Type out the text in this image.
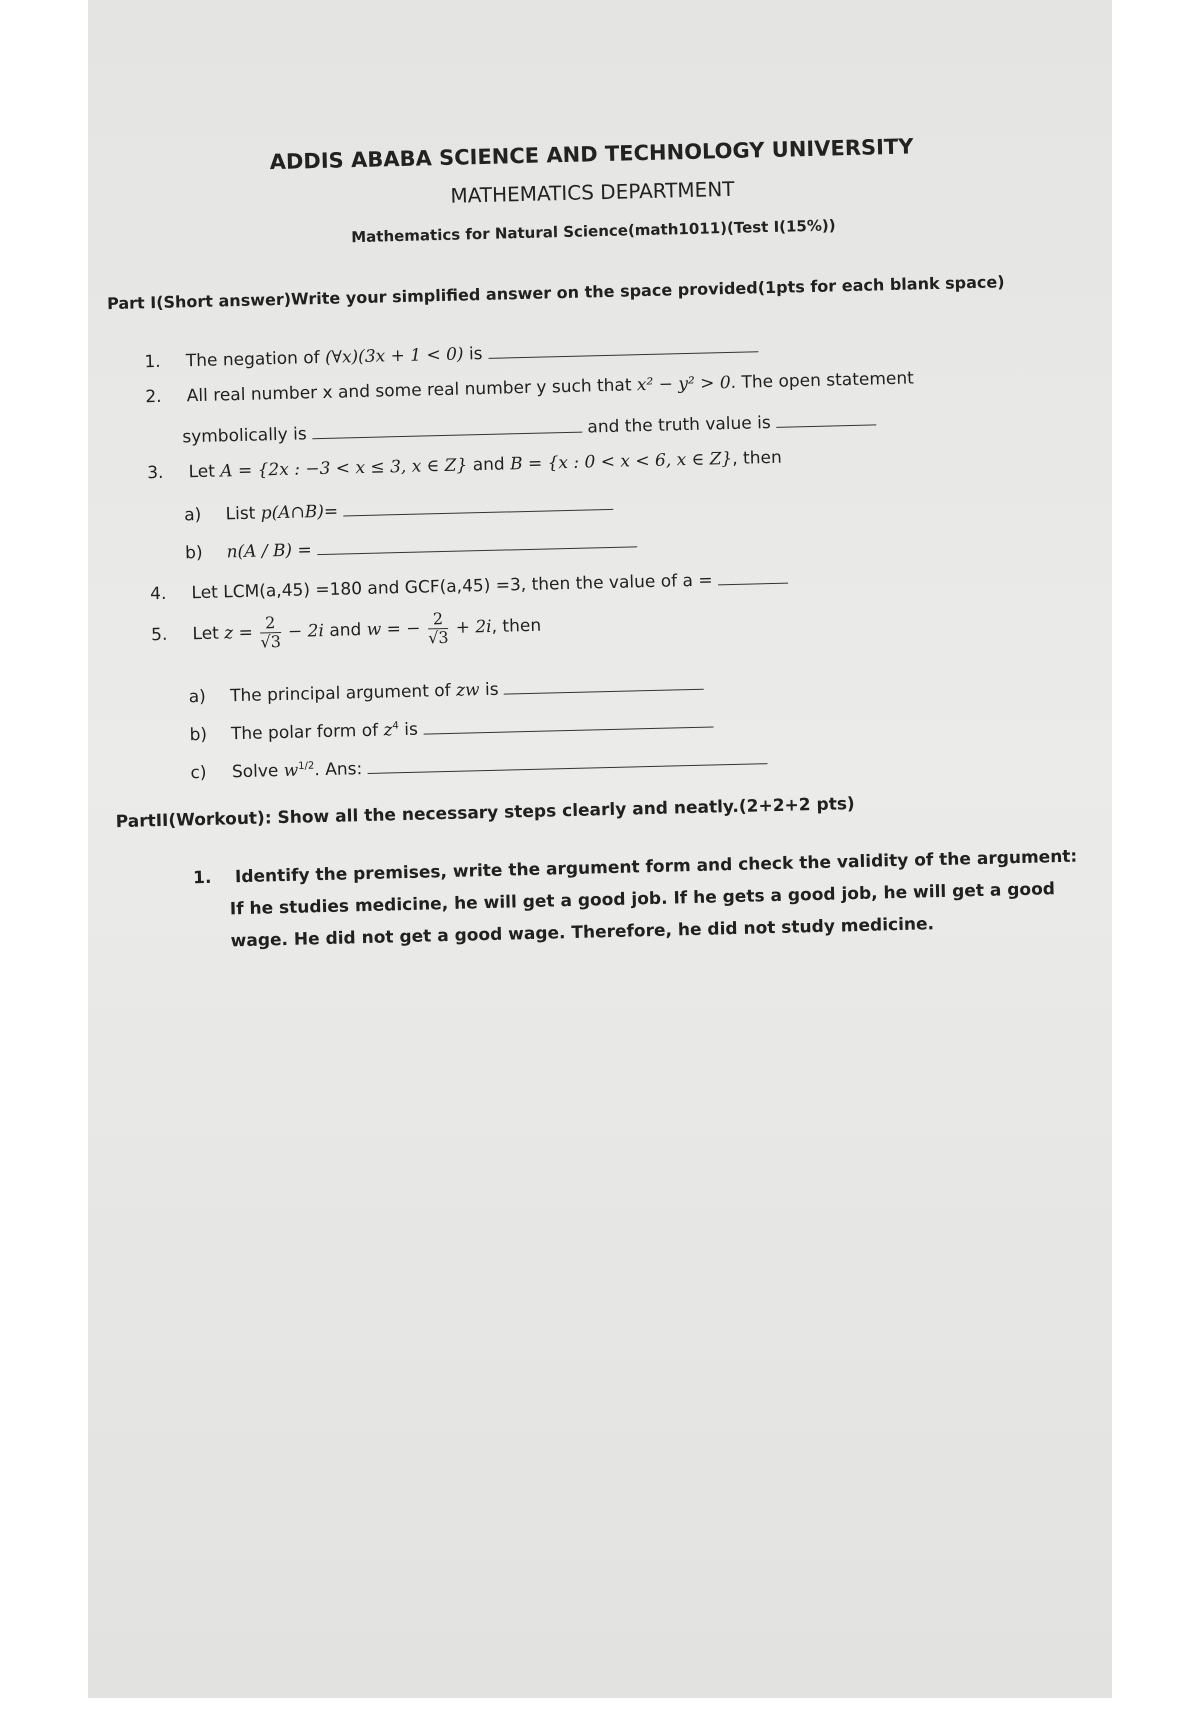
ADDIS ABABA SCIENCE AND TECHNOLOGY UNIVERSITY
MATHEMATICS DEPARTMENT
Mathematics for Natural Science(math1011)(Test I(15%))
Part I(Short answer)Write your simplified answer on the space provided(1pts for each blank space)
1. The negation of (∀x)(3x + 1 < 0) is
2. All real number x and some real number y such that x² − y² > 0. The open statement
symbolically is	and the truth value is
3. Let A = {2x : −3 < x ≤ 3, x ∈ Z} and B = {x : 0 < x < 6, x ∈ Z}, then
a) List p(A∩B)=
b) n(A / B) =
4. Let LCM(a,45) =180 and GCF(a,45) =3, then the value of a =
5. Let $z = \frac{2}{√3} - 2i$ and w = − $\frac{2}{√3} + 2i$, then
a) The principal argument of zw is
b) The polar form of $z^4$ is
c) Solve $w^{1/2}$. Ans:
PartII(Workout): Show all the necessary steps clearly and neatly.(2+2+2 pts)
1. Identify the premises, write the argument form and check the validity of the argument:
If he studies medicine, he will get a good job. If he gets a good job, he will get a good
wage. He did not get a good wage. Therefore, he did not study medicine.
